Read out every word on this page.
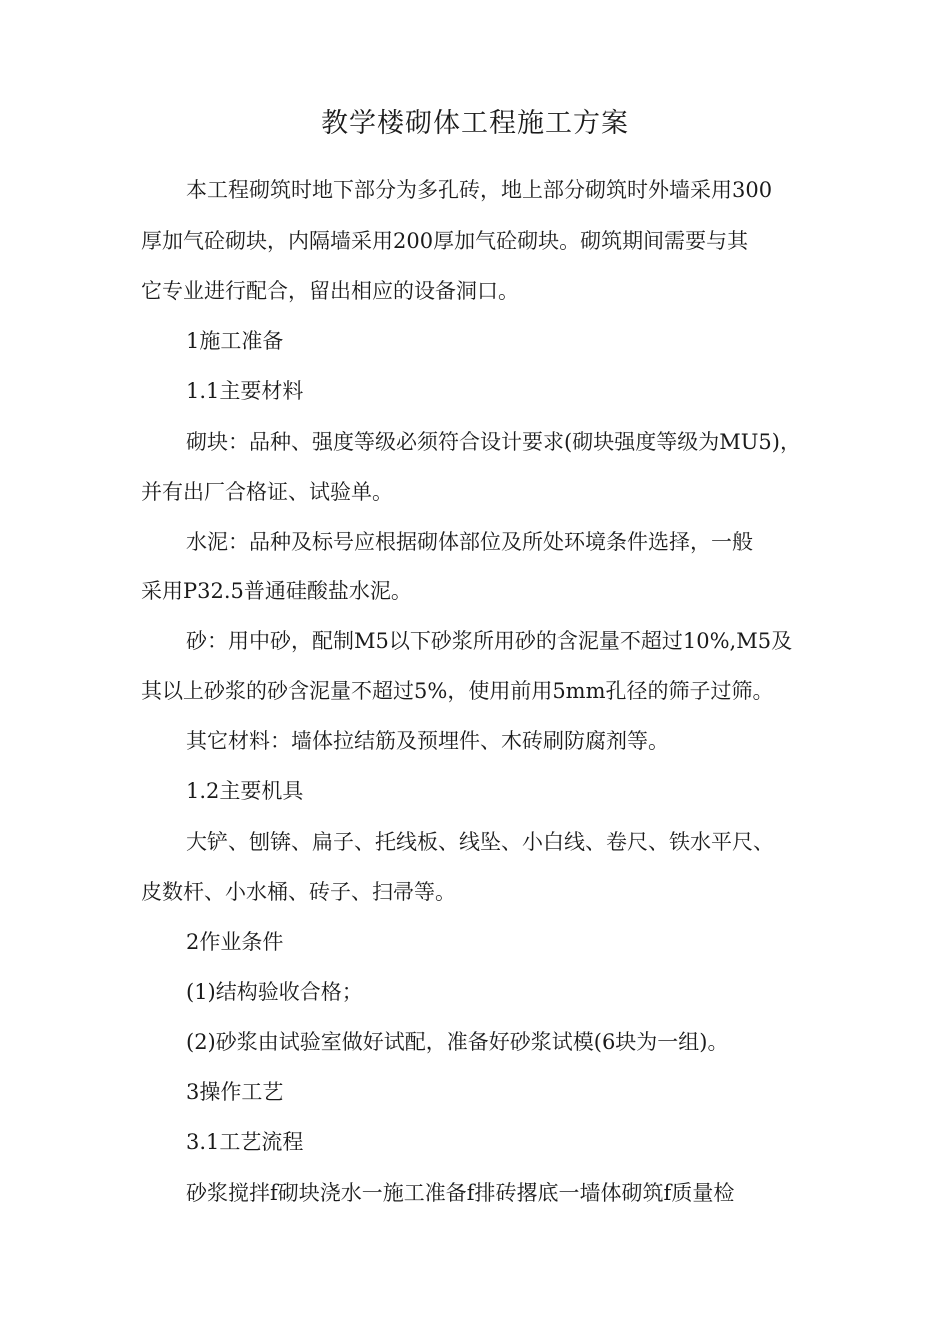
教学楼砌体工程施工方案
本工程砌筑时地下部分为多孔砖，地上部分砌筑时外墙采用300
厚加气砼砌块，内隔墙采用200厚加气砼砌块。砌筑期间需要与其
它专业进行配合，留出相应的设备洞口。
1施工准备
1.1主要材料
砌块：品种、强度等级必须符合设计要求(砌块强度等级为MU5)，
并有出厂合格证、试验单。
水泥：品种及标号应根据砌体部位及所处环境条件选择，一般
采用P32.5普通硅酸盐水泥。
砂：用中砂，配制M5以下砂浆所用砂的含泥量不超过10%,M5及
其以上砂浆的砂含泥量不超过5%，使用前用5mm孔径的筛子过筛。
其它材料：墙体拉结筋及预埋件、木砖刷防腐剂等。
1.2主要机具
大铲、刨锛、扁子、托线板、线坠、小白线、卷尺、铁水平尺、
皮数杆、小水桶、砖子、扫帚等。
2作业条件
(1)结构验收合格；
(2)砂浆由试验室做好试配，准备好砂浆试模(6块为一组)。
3操作工艺
3.1工艺流程
砂浆搅拌f砌块浇水一施工准备f排砖撂底一墙体砌筑f质量检
